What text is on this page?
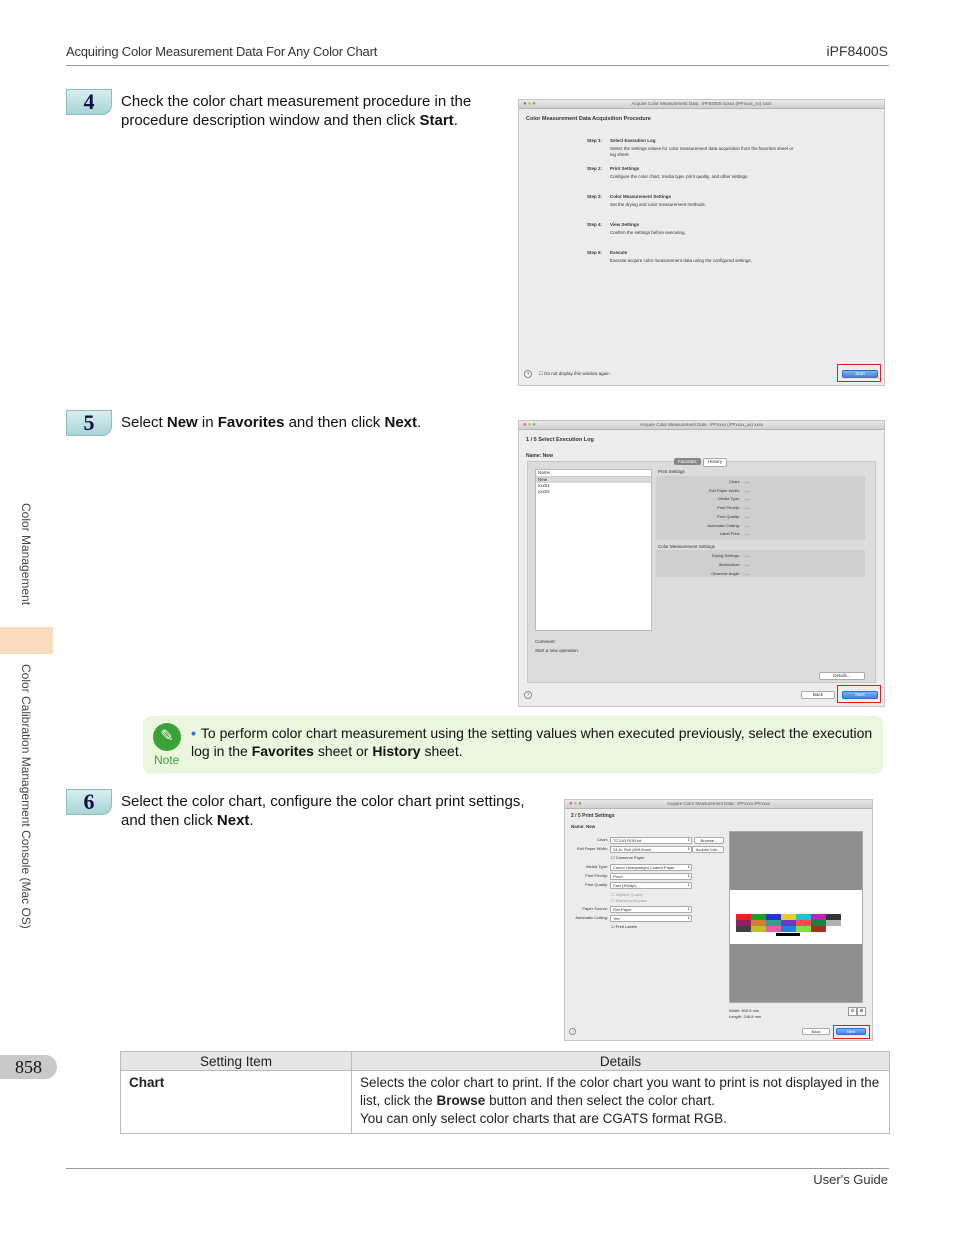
Acquiring Color Measurement Data For Any Color Chart	iPF8400S
Color Management
Color Calibration Management Console (Mac OS)
858
4	Check the color chart measurement procedure in the procedure description window and then click Start.
●●●	Acquire Color Measurement Data : iPF8400S xxxxx (iPFxxxx_xx) xxxx
Color Measurement Data Acquisition Procedure
Step 1: Select Execution Log
Select the settings values for color measurement data acquisition from the favorites sheet or log sheet.
Step 2: Print Settings
Configure the color chart, media type, print quality, and other settings.
Step 3: Color Measurement Settings
Set the drying and color measurement methods.
Step 4: View Settings
Confirm the settings before executing.
Step 5: Execute
Execute acquire color measurement data using the configured settings.
?	☐ Do not display this window again	Start
5	Select New in Favorites and then click Next.	●●●	Acquire Color Measurement Data : iPFxxxx (iPFxxxx_xx) xxxx
1 / 5 Select Execution Log
Name: New
Favorites	History
Name
New
xxx01
xxx02
Print Settings
Chart: ---
Roll Paper Width: ---
Media Type: ---
Print Priority: ---
Print Quality: ---
Automatic Cutting: ---
Label Print: ---
Color Measurement Settings
Drying Settings: ---
Illumination: ---
Observer Angle: ---
Comment:
Start a new operation.
Details...
?	Back	Next
✎
Note
• To perform color chart measurement using the setting values when executed previously, select the execution log in the Favorites sheet or History sheet.
6	Select the color chart, configure the color chart print settings, and then click Next.
●●●	Acquire Color Measurement Data : iPFxxxx iPFxxxx
2 / 5 Print Settings
Name: New
Chart:	TC3.83 RGB.txt	⇕
Roll Paper Width:	24-in. Roll (609.6mm)	⇕
Media Type:	Canon Heavyweight Coated Paper	⇕
Print Priority:	Proof	⇕
Print Quality:	Fast (300dpi)	⇕
Paper Source:	Roll Paper	⇕
Automatic Cutting:	Yes	⇕
Browse...
Acquire Info...
☐ Conserve Paper
☐ Highest Quality
☐ Extend print pass
☑ Print Labels
Width: 609.6 mm
Length: 248.8 mm
⊖ ⊕
?	Back	Next
Setting Item	Details
Chart	Selects the color chart to print. If the color chart you want to print is not displayed in the list, click the Browse button and then select the color chart.
You can only select color charts that are CGATS format RGB.
User's Guide
